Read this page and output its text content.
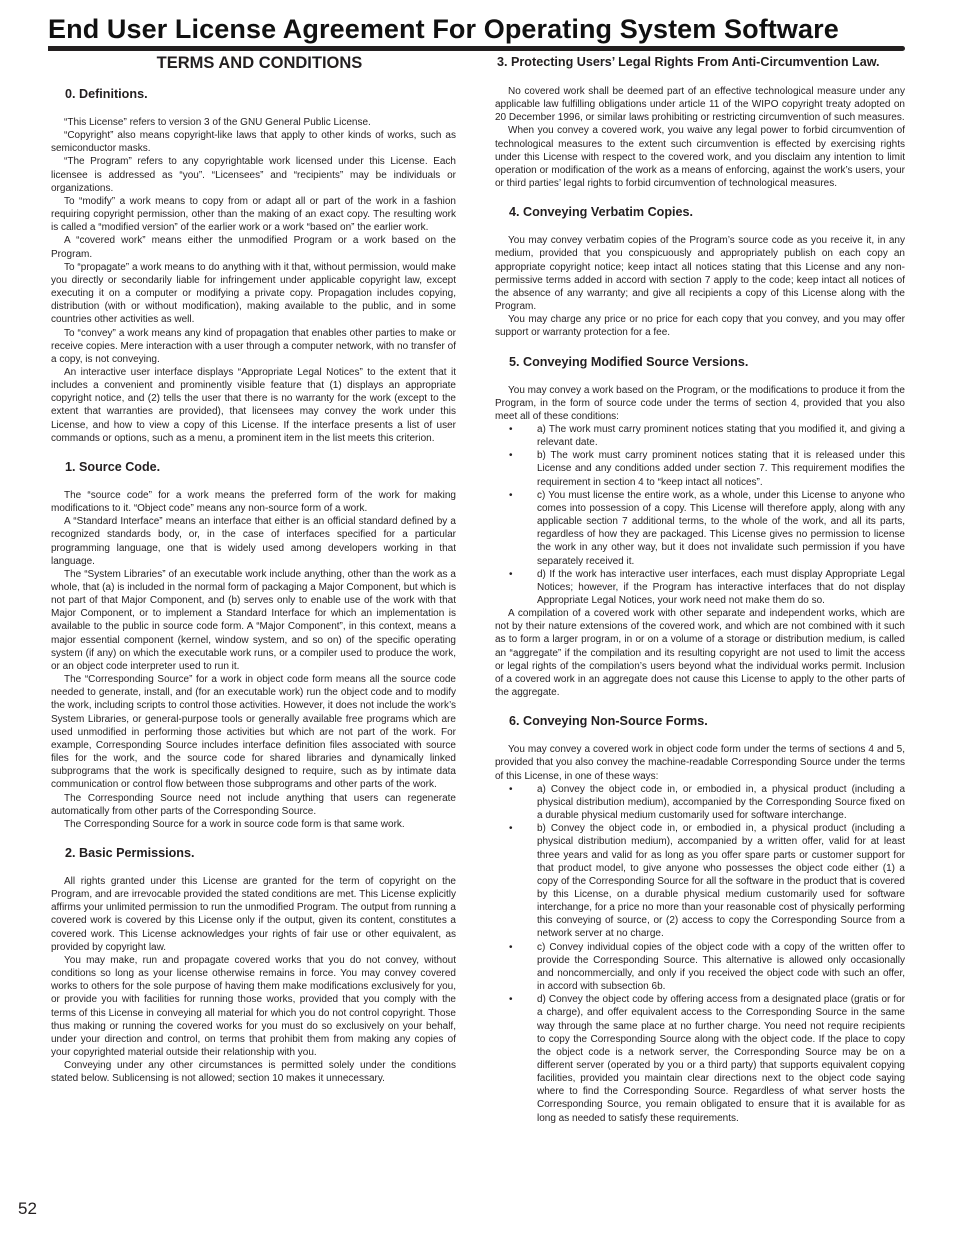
End User License Agreement For Operating System Software
TERMS AND CONDITIONS
0. Definitions.

“This License” refers to version 3 of the GNU General Public License.

“Copyright” also means copyright-like laws that apply to other kinds of works, such as semiconductor masks.

“The Program” refers to any copyrightable work licensed under this License. Each licensee is addressed as “you”. “Licensees” and “recipients” may be individuals or organizations.

To “modify” a work means to copy from or adapt all or part of the work in a fashion requiring copyright permission, other than the making of an exact copy. The resulting work is called a “modified version” of the earlier work or a work “based on” the earlier work.

A “covered work” means either the unmodified Program or a work based on the Program.

To “propagate” a work means to do anything with it that, without permission, would make you directly or secondarily liable for infringement under applicable copyright law, except executing it on a computer or modifying a private copy. Propagation includes copying, distribution (with or without modification), making available to the public, and in some countries other activities as well.

To “convey” a work means any kind of propagation that enables other parties to make or receive copies. Mere interaction with a user through a computer network, with no transfer of a copy, is not conveying.

An interactive user interface displays “Appropriate Legal Notices” to the extent that it includes a convenient and prominently visible feature that (1) displays an appropriate copyright notice, and (2) tells the user that there is no warranty for the work (except to the extent that warranties are provided), that licensees may convey the work under this License, and how to view a copy of this License. If the interface presents a list of user commands or options, such as a menu, a prominent item in the list meets this criterion.

1. Source Code.

The “source code” for a work means the preferred form of the work for making modifications to it. “Object code” means any non-source form of a work.

A “Standard Interface” means an interface that either is an official standard defined by a recognized standards body, or, in the case of interfaces specified for a particular programming language, one that is widely used among developers working in that language.

The “System Libraries” of an executable work include anything, other than the work as a whole, that (a) is included in the normal form of packaging a Major Component, but which is not part of that Major Component, and (b) serves only to enable use of the work with that Major Component, or to implement a Standard Interface for which an implementation is available to the public in source code form. A “Major Component”, in this context, means a major essential component (kernel, window system, and so on) of the specific operating system (if any) on which the executable work runs, or a compiler used to produce the work, or an object code interpreter used to run it.

The “Corresponding Source” for a work in object code form means all the source code needed to generate, install, and (for an executable work) run the object code and to modify the work, including scripts to control those activities. However, it does not include the work’s System Libraries, or general-purpose tools or generally available free programs which are used unmodified in performing those activities but which are not part of the work. For example, Corresponding Source includes interface definition files associated with source files for the work, and the source code for shared libraries and dynamically linked subprograms that the work is specifically designed to require, such as by intimate data communication or control flow between those subprograms and other parts of the work.

The Corresponding Source need not include anything that users can regenerate automatically from other parts of the Corresponding Source.

The Corresponding Source for a work in source code form is that same work.

2. Basic Permissions.

All rights granted under this License are granted for the term of copyright on the Program, and are irrevocable provided the stated conditions are met. This License explicitly affirms your unlimited permission to run the unmodified Program. The output from running a covered work is covered by this License only if the output, given its content, constitutes a covered work. This License acknowledges your rights of fair use or other equivalent, as provided by copyright law.

You may make, run and propagate covered works that you do not convey, without conditions so long as your license otherwise remains in force. You may convey covered works to others for the sole purpose of having them make modifications exclusively for you, or provide you with facilities for running those works, provided that you comply with the terms of this License in conveying all material for which you do not control copyright. Those thus making or running the covered works for you must do so exclusively on your behalf, under your direction and control, on terms that prohibit them from making any copies of your copyrighted material outside their relationship with you.

Conveying under any other circumstances is permitted solely under the conditions stated below. Sublicensing is not allowed; section 10 makes it unnecessary.

3. Protecting Users’ Legal Rights From Anti-Circumvention Law.

No covered work shall be deemed part of an effective technological measure under any applicable law fulfilling obligations under article 11 of the WIPO copyright treaty adopted on 20 December 1996, or similar laws prohibiting or restricting circumvention of such measures.

When you convey a covered work, you waive any legal power to forbid circumvention of technological measures to the extent such circumvention is effected by exercising rights under this License with respect to the covered work, and you disclaim any intention to limit operation or modification of the work as a means of enforcing, against the work’s users, your or third parties’ legal rights to forbid circumvention of technological measures.

4. Conveying Verbatim Copies.

You may convey verbatim copies of the Program’s source code as you receive it, in any medium, provided that you conspicuously and appropriately publish on each copy an appropriate copyright notice; keep intact all notices stating that this License and any non-permissive terms added in accord with section 7 apply to the code; keep intact all notices of the absence of any warranty; and give all recipients a copy of this License along with the Program.

You may charge any price or no price for each copy that you convey, and you may offer support or warranty protection for a fee.

5. Conveying Modified Source Versions.

You may convey a work based on the Program, or the modifications to produce it from the Program, in the form of source code under the terms of section 4, provided that you also meet all of these conditions:

• a) The work must carry prominent notices stating that you modified it, and giving a relevant date.
• b) The work must carry prominent notices stating that it is released under this License and any conditions added under section 7. This requirement modifies the requirement in section 4 to “keep intact all notices”.
• c) You must license the entire work, as a whole, under this License to anyone who comes into possession of a copy. This License will therefore apply, along with any applicable section 7 additional terms, to the whole of the work, and all its parts, regardless of how they are packaged. This License gives no permission to license the work in any other way, but it does not invalidate such permission if you have separately received it.
• d) If the work has interactive user interfaces, each must display Appropriate Legal Notices; however, if the Program has interactive interfaces that do not display Appropriate Legal Notices, your work need not make them do so.

A compilation of a covered work with other separate and independent works, which are not by their nature extensions of the covered work, and which are not combined with it such as to form a larger program, in or on a volume of a storage or distribution medium, is called an “aggregate” if the compilation and its resulting copyright are not used to limit the access or legal rights of the compilation’s users beyond what the individual works permit. Inclusion of a covered work in an aggregate does not cause this License to apply to the other parts of the aggregate.

6. Conveying Non-Source Forms.

You may convey a covered work in object code form under the terms of sections 4 and 5, provided that you also convey the machine-readable Corresponding Source under the terms of this License, in one of these ways:

• a) Convey the object code in, or embodied in, a physical product (including a physical distribution medium), accompanied by the Corresponding Source fixed on a durable physical medium customarily used for software interchange.
• b) Convey the object code in, or embodied in, a physical product (including a physical distribution medium), accompanied by a written offer, valid for at least three years and valid for as long as you offer spare parts or customer support for that product model, to give anyone who possesses the object code either (1) a copy of the Corresponding Source for all the software in the product that is covered by this License, on a durable physical medium customarily used for software interchange, for a price no more than your reasonable cost of physically performing this conveying of source, or (2) access to copy the Corresponding Source from a network server at no charge.
• c) Convey individual copies of the object code with a copy of the written offer to provide the Corresponding Source. This alternative is allowed only occasionally and noncommercially, and only if you received the object code with such an offer, in accord with subsection 6b.
• d) Convey the object code by offering access from a designated place (gratis or for a charge), and offer equivalent access to the Corresponding Source in the same way through the same place at no further charge. You need not require recipients to copy the Corresponding Source along with the object code. If the place to copy the object code is a network server, the Corresponding Source may be on a different server (operated by you or a third party) that supports equivalent copying facilities, provided you maintain clear directions next to the object code saying where to find the Corresponding Source. Regardless of what server hosts the Corresponding Source, you remain obligated to ensure that it is available for as long as needed to satisfy these requirements.
52
